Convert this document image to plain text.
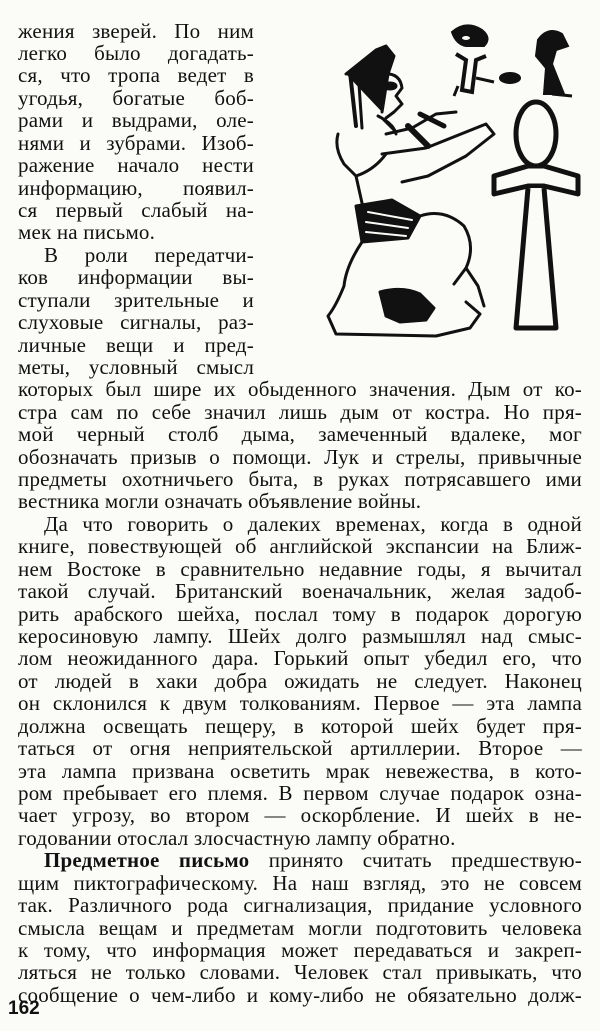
жения зверей. По ним
легко было догадать-
ся, что тропа ведет в
угодья, богатые боб-
рами и выдрами, оле-
нями и зубрами. Изоб-
ражение начало нести
информацию, появил-
ся первый слабый на-
мек на письмо.
В роли передатчи-
ков информации вы-
ступали зрительные и
слуховые сигналы, раз-
личные вещи и пред-
меты, условный смысл
которых был шире их обыденного значения. Дым от ко-
стра сам по себе значил лишь дым от костра. Но пря-
мой черный столб дыма, замеченный вдалеке, мог
обозначать призыв о помощи. Лук и стрелы, привычные
предметы охотничьего быта, в руках потрясавшего ими
вестника могли означать объявление войны.
Да что говорить о далеких временах, когда в одной
книге, повествующей об английской экспансии на Ближ-
нем Востоке в сравнительно недавние годы, я вычитал
такой случай. Британский военачальник, желая задоб-
рить арабского шейха, послал тому в подарок дорогую
керосиновую лампу. Шейх долго размышлял над смыс-
лом неожиданного дара. Горький опыт убедил его, что
от людей в хаки добра ожидать не следует. Наконец
он склонился к двум толкованиям. Первое — эта лампа
должна освещать пещеру, в которой шейх будет пря-
таться от огня неприятельской артиллерии. Второе —
эта лампа призвана осветить мрак невежества, в кото-
ром пребывает его племя. В первом случае подарок озна-
чает угрозу, во втором — оскорбление. И шейх в не-
годовании отослал злосчастную лампу обратно.
Предметное письмо принято считать предшествую-
щим пиктографическому. На наш взгляд, это не совсем
так. Различного рода сигнализация, придание условного
смысла вещам и предметам могли подготовить человека
к тому, что информация может передаваться и закреп-
ляться не только словами. Человек стал привыкать, что
сообщение о чем-либо и кому-либо не обязательно долж-
162
